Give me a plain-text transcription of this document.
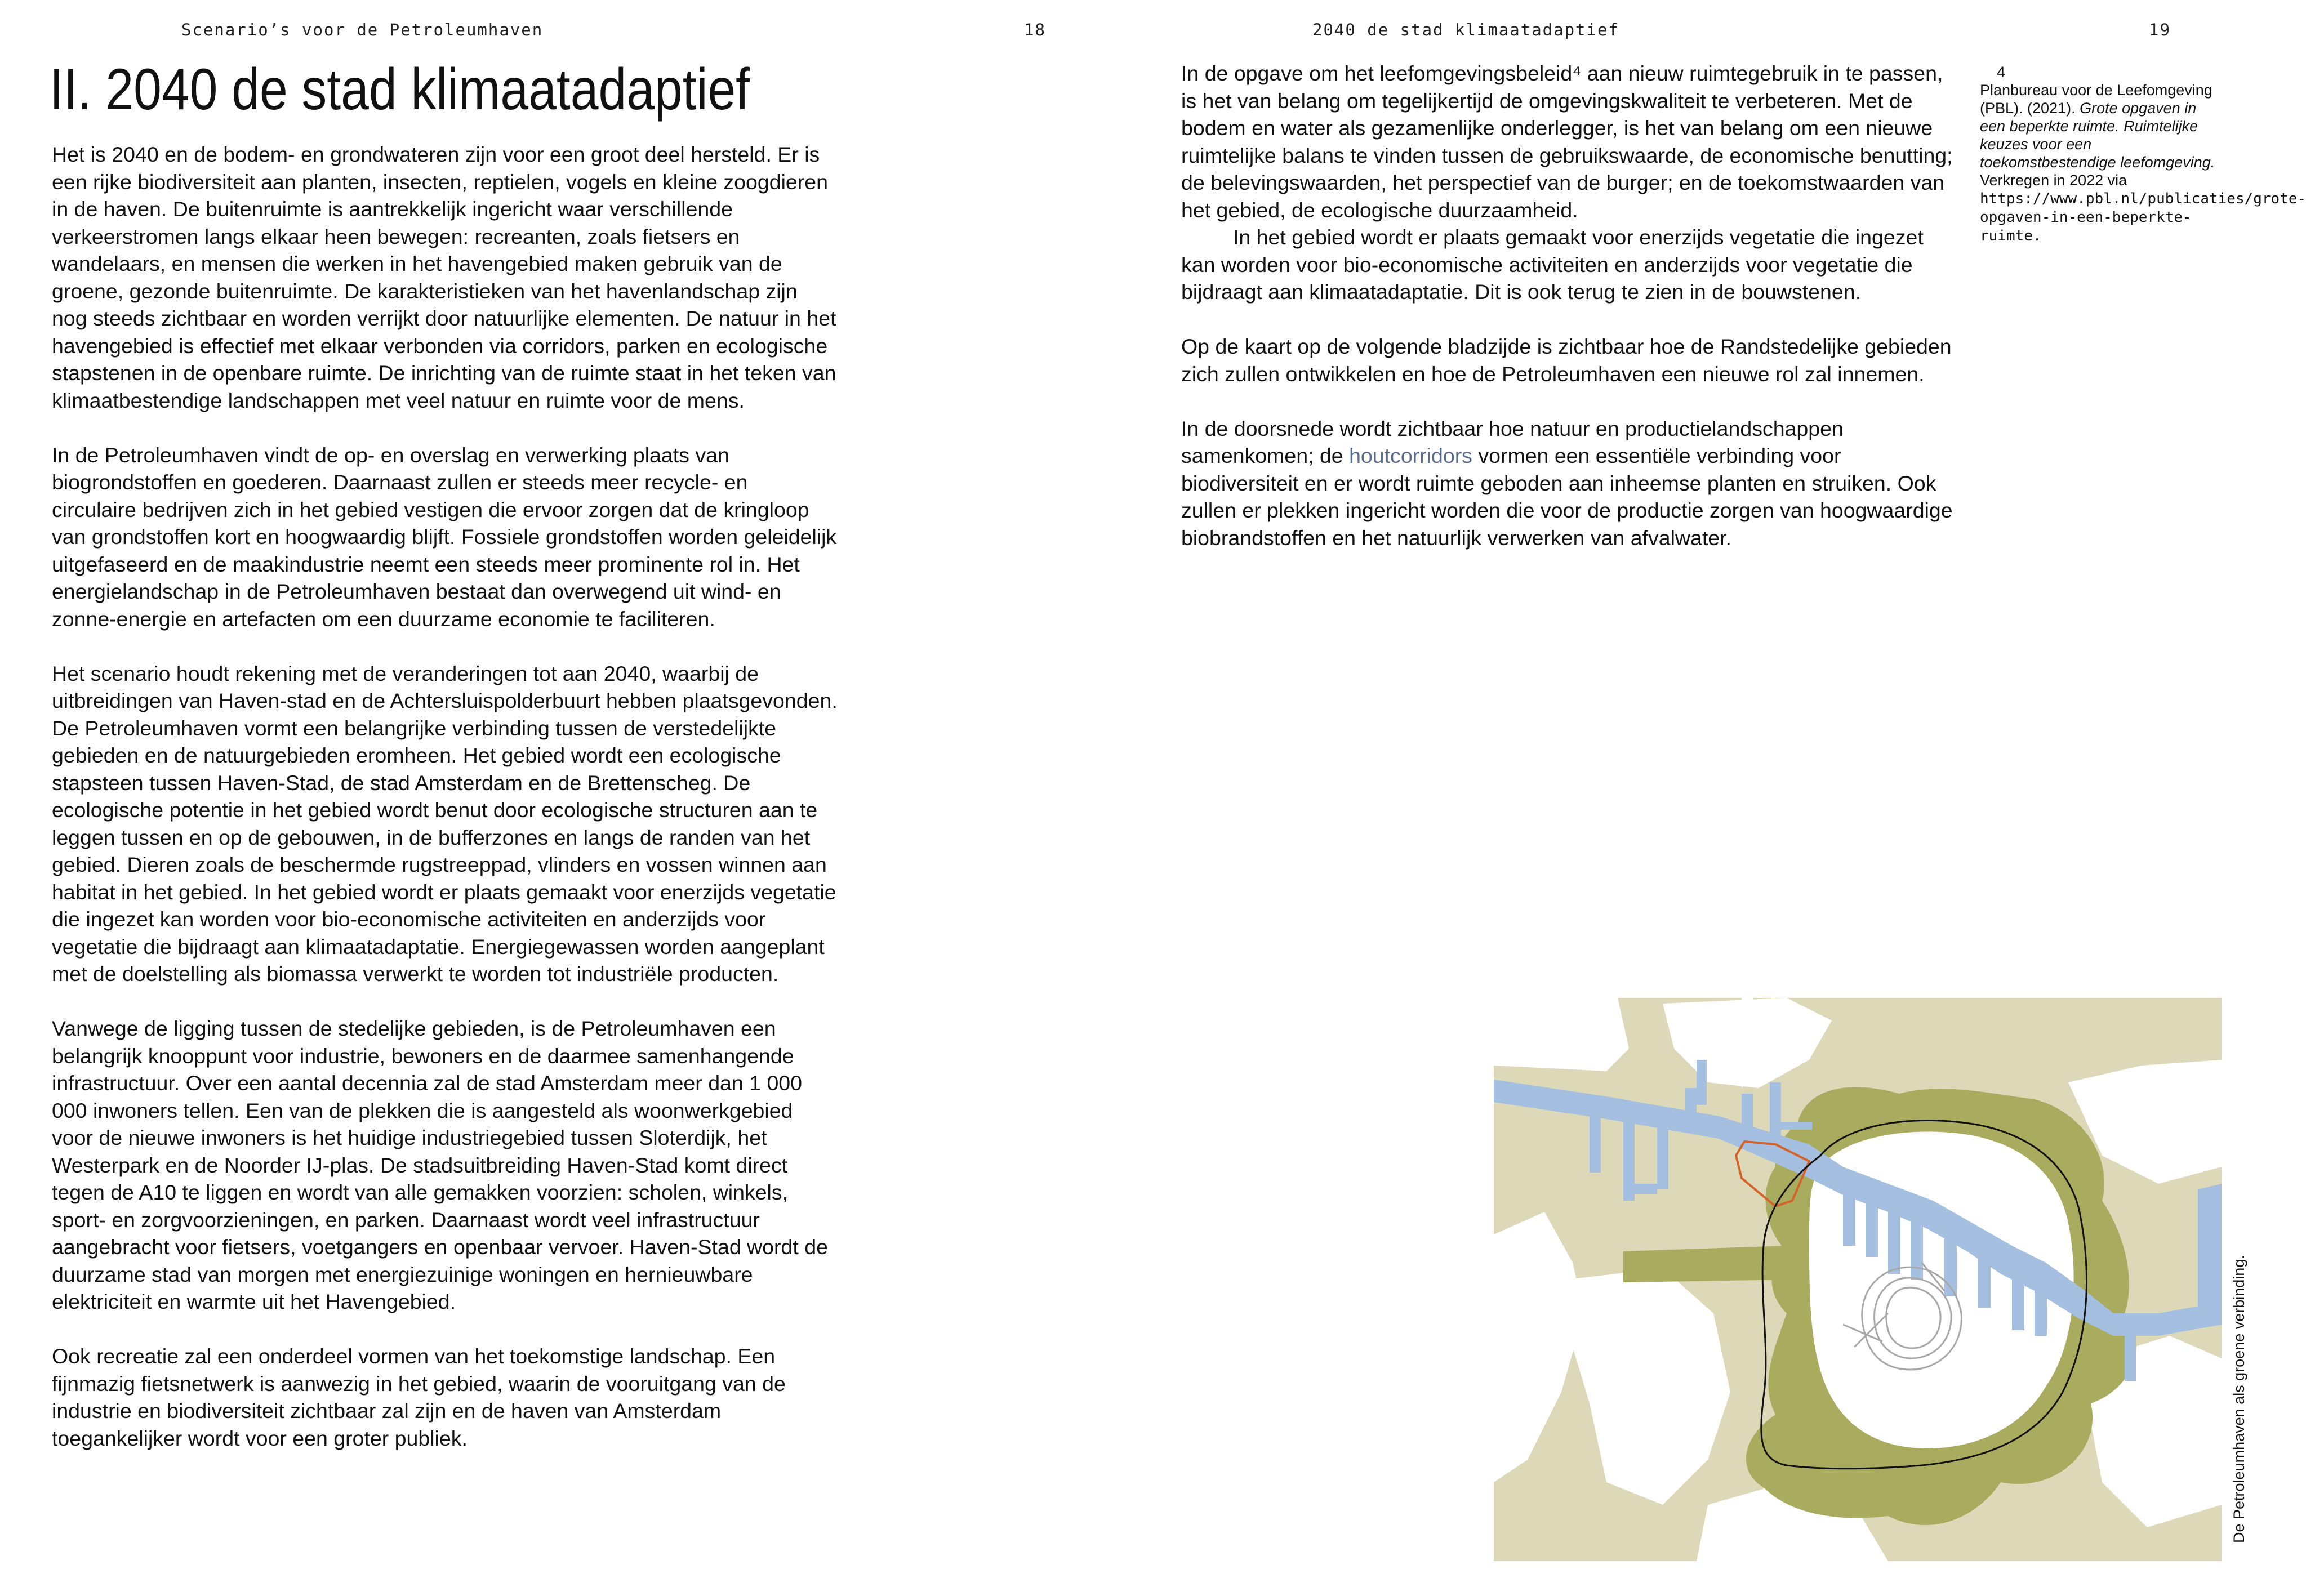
Scenario’s voor de Petroleumhaven	18
II. 2040 de stad klimaatadaptief

Het is 2040 en de bodem- en grondwateren zijn voor een groot deel hersteld. Er is een rijke biodiversiteit aan planten, insecten, reptielen, vogels en kleine zoogdieren in de haven. De buitenruimte is aantrekkelijk ingericht waar verschillende verkeerstromen langs elkaar heen bewegen: recreanten, zoals fietsers en wandelaars, en mensen die werken in het havengebied maken gebruik van de groene, gezonde buitenruimte. De karakteristieken van het havenlandschap zijn nog steeds zichtbaar en worden verrijkt door natuurlijke elementen. De natuur in het havengebied is effectief met elkaar verbonden via corridors, parken en ecologische stapstenen in de openbare ruimte. De inrichting van de ruimte staat in het teken van klimaatbestendige landschappen met veel natuur en ruimte voor de mens.

In de Petroleumhaven vindt de op- en overslag en verwerking plaats van biogrondstoffen en goederen. Daarnaast zullen er steeds meer recycle- en circulaire bedrijven zich in het gebied vestigen die ervoor zorgen dat de kringloop van grondstoffen kort en hoogwaardig blijft. Fossiele grondstoffen worden geleidelijk uitgefaseerd en de maakindustrie neemt een steeds meer prominente rol in. Het energielandschap in de Petroleumhaven bestaat dan overwegend uit wind- en zonne-energie en artefacten om een duurzame economie te faciliteren.

Het scenario houdt rekening met de veranderingen tot aan 2040, waarbij de uitbreidingen van Haven-stad en de Achtersluispolderbuurt hebben plaatsgevonden. De Petroleumhaven vormt een belangrijke verbinding tussen de verstedelijkte gebieden en de natuurgebieden eromheen. Het gebied wordt een ecologische stapsteen tussen Haven-Stad, de stad Amsterdam en de Brettenscheg. De ecologische potentie in het gebied wordt benut door ecologische structuren aan te leggen tussen en op de gebouwen, in de bufferzones en langs de randen van het gebied. Dieren zoals de beschermde rugstreeppad, vlinders en vossen winnen aan habitat in het gebied. In het gebied wordt er plaats gemaakt voor enerzijds vegetatie die ingezet kan worden voor bio-economische activiteiten en anderzijds voor vegetatie die bijdraagt aan klimaatadaptatie. Energiegewassen worden aangeplant met de doelstelling als biomassa verwerkt te worden tot industriële producten.

Vanwege de ligging tussen de stedelijke gebieden, is de Petroleumhaven een belangrijk knooppunt voor industrie, bewoners en de daarmee samenhangende infrastructuur. Over een aantal decennia zal de stad Amsterdam meer dan 1 000 000 inwoners tellen. Een van de plekken die is aangesteld als woonwerkgebied voor de nieuwe inwoners is het huidige industriegebied tussen Sloterdijk, het Westerpark en de Noorder IJ-plas. De stadsuitbreiding Haven-Stad komt direct tegen de A10 te liggen en wordt van alle gemakken voorzien: scholen, winkels, sport- en zorgvoorzieningen, en parken. Daarnaast wordt veel infrastructuur aangebracht voor fietsers, voetgangers en openbaar vervoer. Haven-Stad wordt de duurzame stad van morgen met energiezuinige woningen en hernieuwbare elektriciteit en warmte uit het Havengebied.

Ook recreatie zal een onderdeel vormen van het toekomstige landschap. Een fijnmazig fietsnetwerk is aanwezig in het gebied, waarin de vooruitgang van de industrie en biodiversiteit zichtbaar zal zijn en de haven van Amsterdam toegankelijker wordt voor een groter publiek.

2040 de stad klimaatadaptief	19

In de opgave om het leefomgevingsbeleid⁴ aan nieuw ruimtegebruik in te passen, is het van belang om tegelijkertijd de omgevingskwaliteit te verbeteren. Met de bodem en water als gezamenlijke onderlegger, is het van belang om een nieuwe ruimtelijke balans te vinden tussen de gebruikswaarde, de economische benutting; de belevingswaarden, het perspectief van de burger; en de toekomstwaarden van het gebied, de ecologische duurzaamheid.

In het gebied wordt er plaats gemaakt voor enerzijds vegetatie die ingezet kan worden voor bio-economische activiteiten en anderzijds voor vegetatie die bijdraagt aan klimaatadaptatie. Dit is ook terug te zien in de bouwstenen.

Op de kaart op de volgende bladzijde is zichtbaar hoe de Randstedelijke gebieden zich zullen ontwikkelen en hoe de Petroleumhaven een nieuwe rol zal innemen.

In de doorsnede wordt zichtbaar hoe natuur en productielandschappen samenkomen; de houtcorridors vormen een essentiële verbinding voor biodiversiteit en er wordt ruimte geboden aan inheemse planten en struiken. Ook zullen er plekken ingericht worden die voor de productie zorgen van hoogwaardige biobrandstoffen en het natuurlijk verwerken van afvalwater.

4
Planbureau voor de Leefomgeving (PBL). (2021). Grote opgaven in een beperkte ruimte. Ruimtelijke keuzes voor een toekomstbestendige leefomgeving. Verkregen in 2022 via
https://www.pbl.nl/publicaties/grote-opgaven-in-een-beperkte-ruimte.
De Petroleumhaven als groene verbinding.
